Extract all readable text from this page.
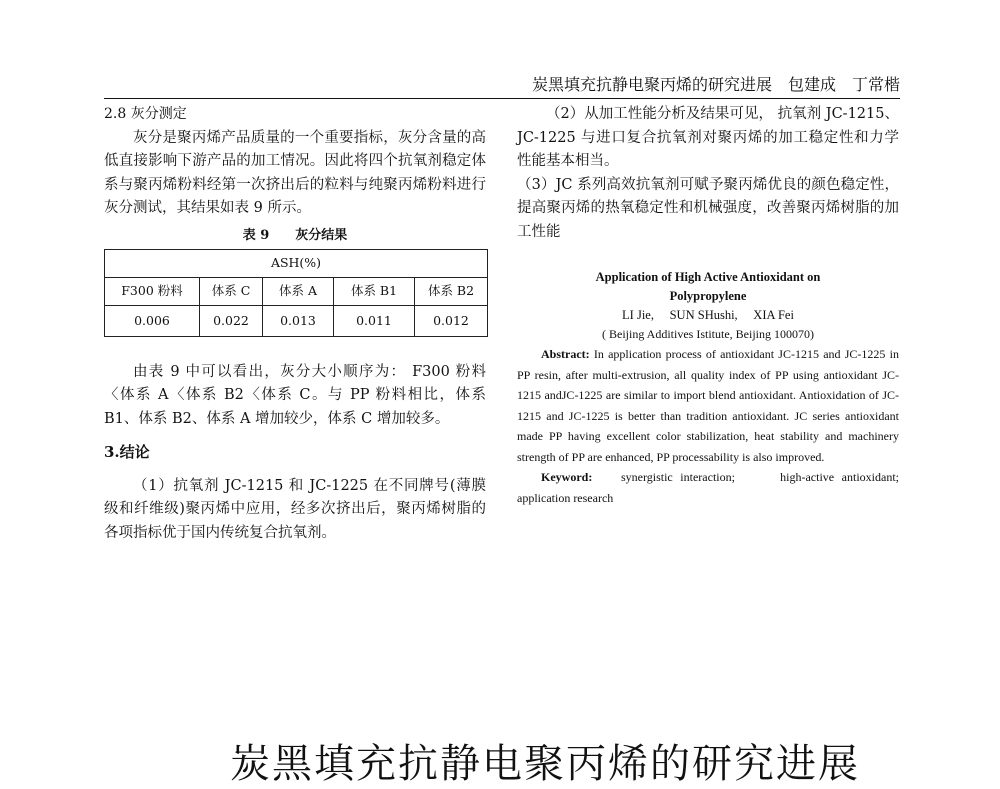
炭黑填充抗静电聚丙烯的研究进展　包建成　丁常楷

2.8 灰分测定

灰分是聚丙烯产品质量的一个重要指标，灰分含量的高低直接影响下游产品的加工情况。因此将四个抗氧剂稳定体系与聚丙烯粉料经第一次挤出后的粒料与纯聚丙烯粉料进行灰分测试，其结果如表 9 所示。

表 9　　灰分结果

ASH(%)				
F300 粉料	体系 C	体系 A	体系 B1	体系 B2
0.006	0.022	0.013	0.011	0.012

由表 9 中可以看出，灰分大小顺序为： F300 粉料〈体系 A〈体系 B2〈体系 C。与 PP 粉料相比，体系 B1、体系 B2、体系 A 增加较少，体系 C 增加较多。

3.结论

（1）抗氧剂 JC-1215 和 JC-1225 在不同牌号(薄膜级和纤维级)聚丙烯中应用，经多次挤出后，聚丙烯树脂的各项指标优于国内传统复合抗氧剂。

（2）从加工性能分析及结果可见， 抗氧剂 JC-1215、JC-1225 与进口复合抗氧剂对聚丙烯的加工稳定性和力学性能基本相当。

（3）JC 系列高效抗氧剂可赋予聚丙烯优良的颜色稳定性，提高聚丙烯的热氧稳定性和机械强度，改善聚丙烯树脂的加工性能

Application of High Active Antioxidant on

Polypropylene

LI Jie,　 SUN SHushi,　 XIA Fei

( Beijing Additives Istitute, Beijing 100070)

Abstract: In application process of antioxidant JC-1215 and JC-1225 in PP resin, after multi-extrusion, all quality index of PP using antioxidant JC-1215 andJC-1225 are similar to import blend antioxidant. Antioxidation of JC-1215 and JC-1225 is better than tradition antioxidant. JC series antioxidant made PP having excellent color stabilization, heat stability and machinery strength of PP are enhanced, PP processability is also improved.

Keyword:　 synergistic interaction;　　 high-active antioxidant;　application research

炭黑填充抗静电聚丙烯的研究进展
